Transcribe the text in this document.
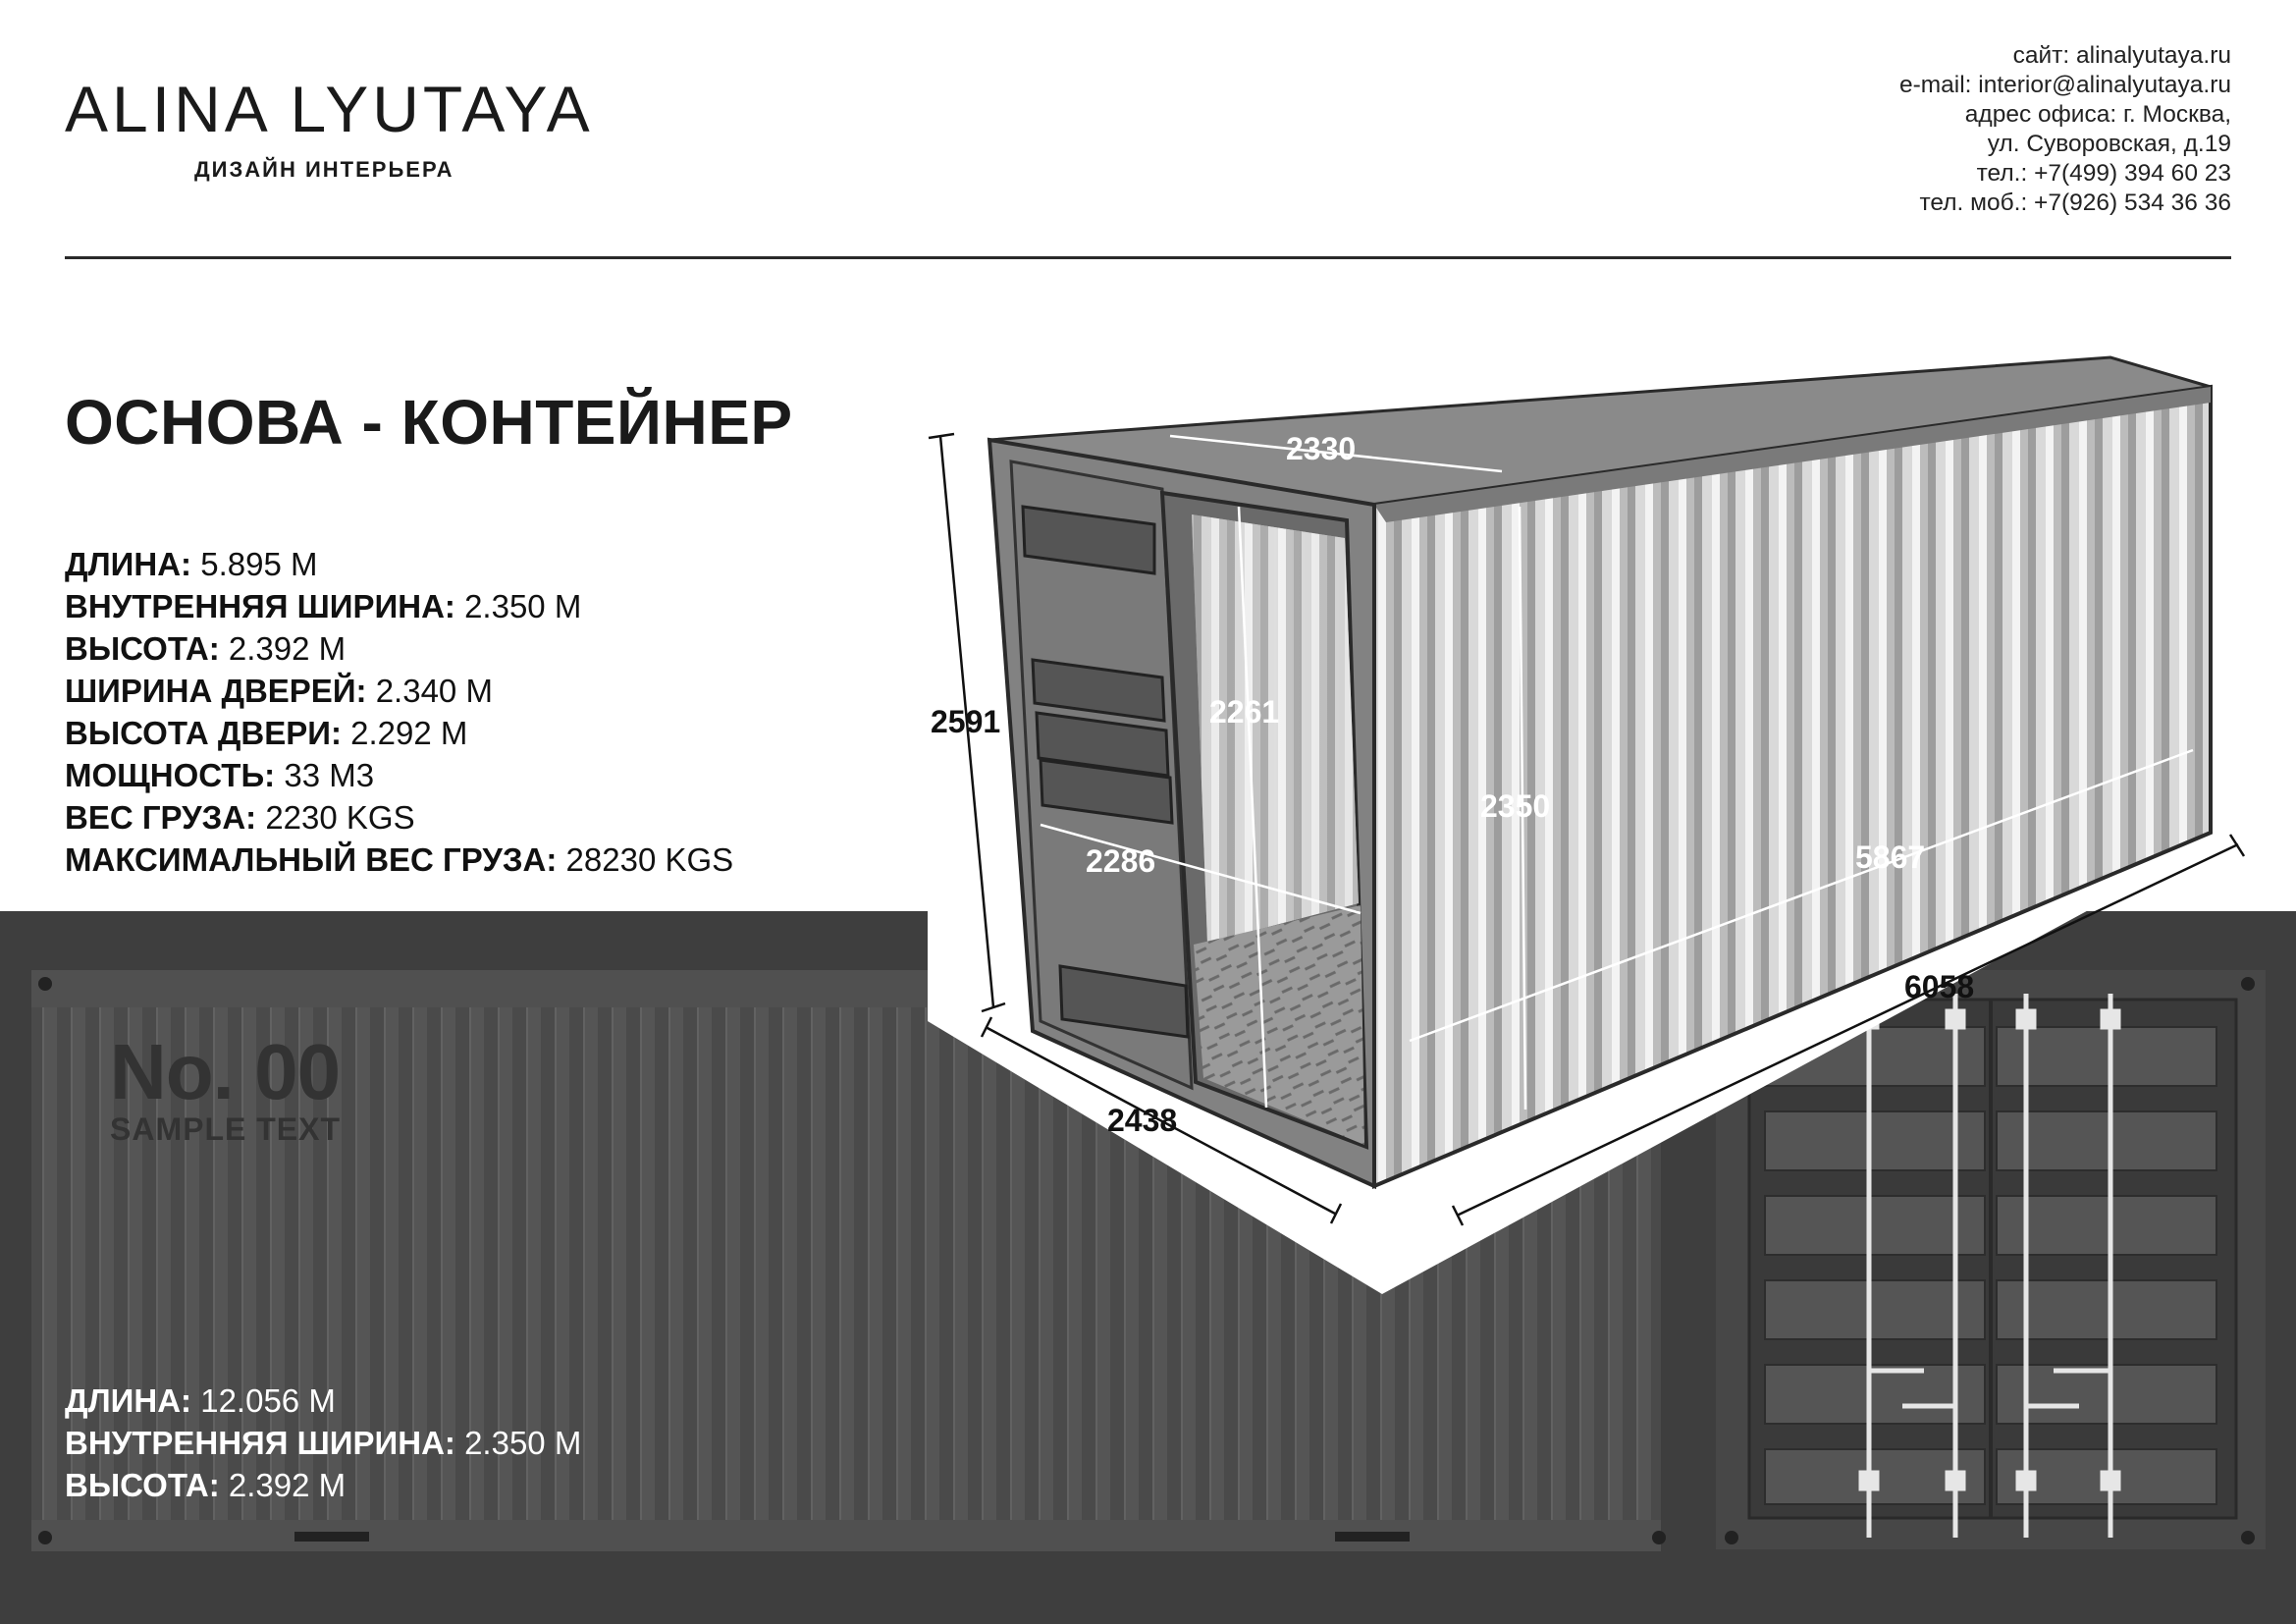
2330
2591	2261
2350
2286	5867
6058
2438
ALINA LYUTAYA
ДИЗАЙН ИНТЕРЬЕРА
сайт: alinalyutaya.ru
e-mail: interior@alinalyutaya.ru
адрес офиса: г. Москва,
ул. Суворовская, д.19
тел.: +7(499) 394 60 23
тел. моб.: +7(926) 534 36 36
ОСНОВА - КОНТЕЙНЕР
ДЛИНА: 5.895 М
ВНУТРЕННЯЯ ШИРИНА: 2.350 М
ВЫСОТА: 2.392 М
ШИРИНА ДВЕРЕЙ: 2.340 М
ВЫСОТА ДВЕРИ: 2.292 М
МОЩНОСТЬ: 33 М3
ВЕС ГРУЗА: 2230 KGS
МАКСИМАЛЬНЫЙ ВЕС ГРУЗА: 28230 KGS
No. 00
SAMPLE TEXT
ДЛИНА: 12.056 М
ВНУТРЕННЯЯ ШИРИНА: 2.350 М
ВЫСОТА: 2.392 М
